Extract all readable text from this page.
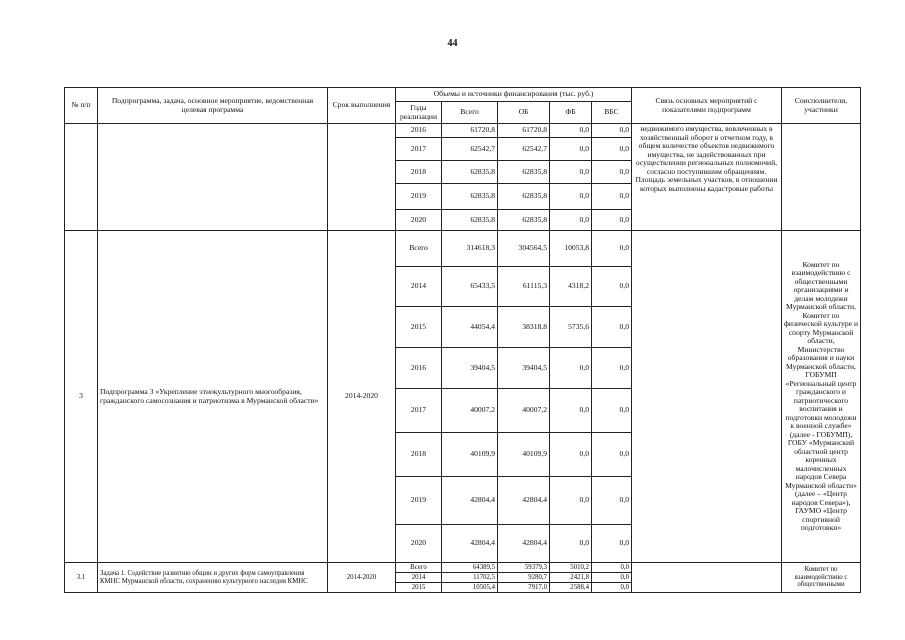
44
№ п/п	Подпрограмма, задача, основное мероприятие, ведомственная целевая программа	Срок выполнения	Объемы и источники финансирования (тыс. руб.)					Связь основных мероприятий с показателями подпрограмм	Соисполнители, участники
			Годы реализации	Всего	ОБ	ФБ	ВБС		
			2016	61720,8	61720,8	0,0	0,0	недвижимого имущества, вовлеченных в хозяйственный оборот в отчетном году, в общем количестве объектов недвижимого имущества, не задействованных при осуществлении региональных полномочий, согласно поступившим обращениям. Площадь земельных участков, в отношении которых выполнены кадастровые работы	
			2017	62542,7	62542,7	0,0	0,0		
			2018	62835,8	62835,8	0,0	0,0		
			2019	62835,8	62835,8	0,0	0,0		
			2020	62835,8	62835,8	0,0	0,0		
3	Подпрограмма 3 «Укрепление этнокультурного многообразия, гражданского самосознания и патриотизма в Мурманской области»	2014-2020	Всего	314618,3	304564,5	10053,8	0,0		Комитет по взаимодействию с общественными организациями и делам молодежи Мурманской области, Комитет по физической культуре и спорту Мурманской области, Министерство образования и науки Мурманской области, ГОБУМП «Региональный центр гражданского и патриотического воспитания и подготовки молодежи к военной службе» (далее - ГОБУМП), ГОБУ «Мурманский областной центр коренных малочисленных народов Севера Мурманской области» (далее – «Центр народов Севера»), ГАУМО «Центр спортивной подготовки»
			2014	65433,5	61115,3	4318,2	0,0		
			2015	44054,4	38318,8	5735,6	0,0		
			2016	39404,5	39404,5	0,0	0,0		
			2017	40007,2	40007,2	0,0	0,0		
			2018	40109,9	40109,9	0,0	0,0		
			2019	42804,4	42804,4	0,0	0,0		
			2020	42804,4	42804,4	0,0	0,0		
3.1	Задача 1. Содействие развитию общин и других форм самоуправления КМНС Мурманской области, сохранению культурного наследия КМНС	2014-2020	Всего	64389,5	59379,3	5010,2	0,0		Комитет по взаимодействию с общественными
			2014	11702,5	9280,7	2421,8	0,0		
			2015	10505,4	7917,0	2588,4	0,0		
